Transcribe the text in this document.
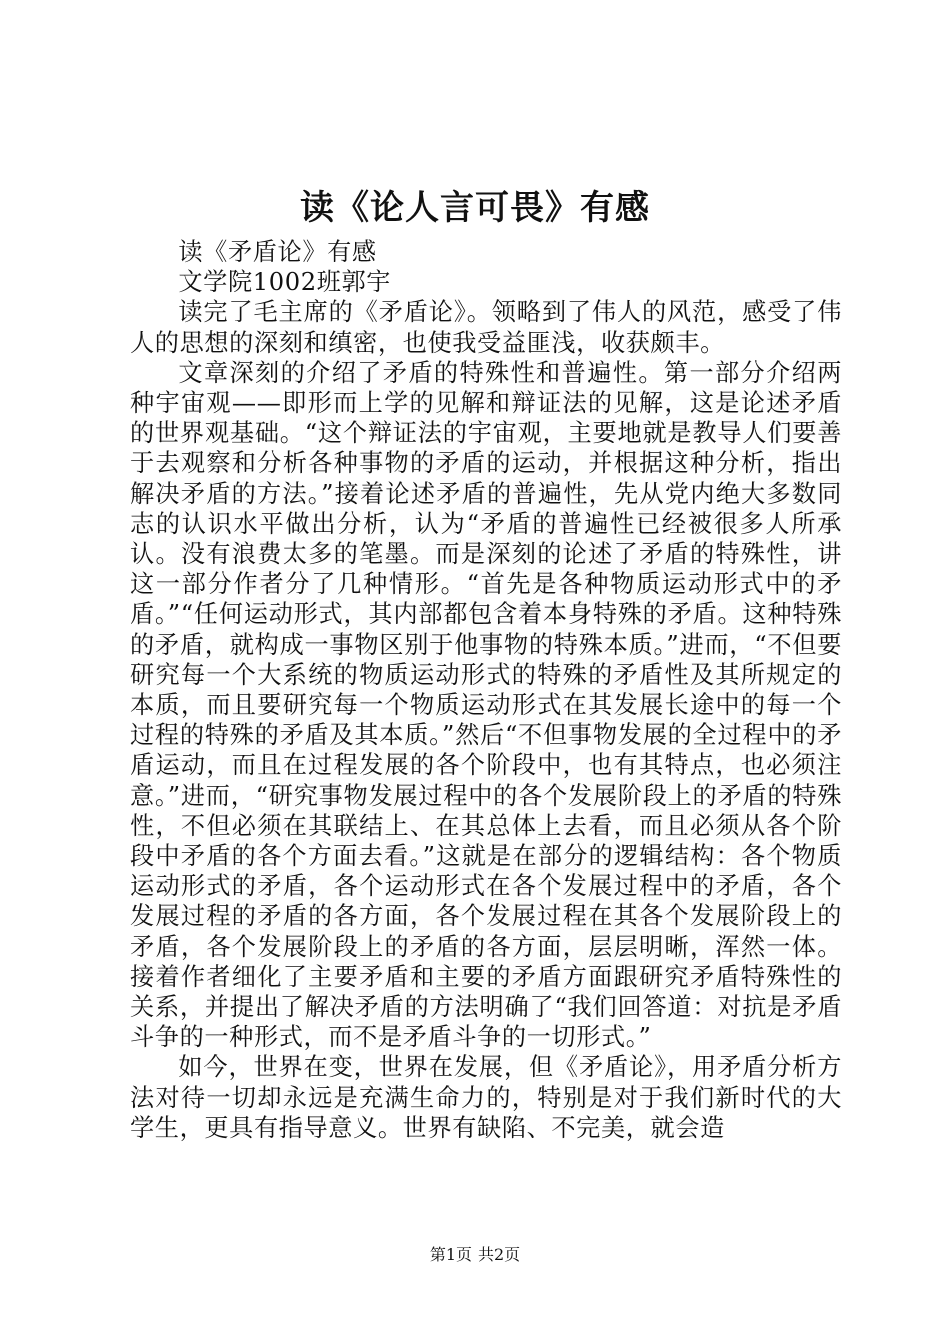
读《论人言可畏》有感

读《矛盾论》有感

文学院1002班郭宇

读完了毛主席的《矛盾论》。领略到了伟人的风范，感受了伟人的思想的深刻和缜密，也使我受益匪浅，收获颇丰。

文章深刻的介绍了矛盾的特殊性和普遍性。第一部分介绍两种宇宙观——即形而上学的见解和辩证法的见解，这是论述矛盾的世界观基础。“这个辩证法的宇宙观，主要地就是教导人们要善于去观察和分析各种事物的矛盾的运动，并根据这种分析，指出解决矛盾的方法。”接着论述矛盾的普遍性，先从党内绝大多数同志的认识水平做出分析，认为“矛盾的普遍性已经被很多人所承认。没有浪费太多的笔墨。而是深刻的论述了矛盾的特殊性，讲这一部分作者分了几种情形。“首先是各种物质运动形式中的矛盾。”“任何运动形式，其内部都包含着本身特殊的矛盾。这种特殊的矛盾，就构成一事物区别于他事物的特殊本质。”进而，“不但要研究每一个大系统的物质运动形式的特殊的矛盾性及其所规定的本质，而且要研究每一个物质运动形式在其发展长途中的每一个过程的特殊的矛盾及其本质。”然后“不但事物发展的全过程中的矛盾运动，而且在过程发展的各个阶段中，也有其特点，也必须注意。”进而，“研究事物发展过程中的各个发展阶段上的矛盾的特殊性，不但必须在其联结上、在其总体上去看，而且必须从各个阶段中矛盾的各个方面去看。”这就是在部分的逻辑结构：各个物质运动形式的矛盾，各个运动形式在各个发展过程中的矛盾，各个发展过程的矛盾的各方面，各个发展过程在其各个发展阶段上的矛盾，各个发展阶段上的矛盾的各方面，层层明晰，浑然一体。接着作者细化了主要矛盾和主要的矛盾方面跟研究矛盾特殊性的关系，并提出了解决矛盾的方法明确了“我们回答道：对抗是矛盾斗争的一种形式，而不是矛盾斗争的一切形式。”

如今，世界在变，世界在发展，但《矛盾论》，用矛盾分析方法对待一切却永远是充满生命力的，特别是对于我们新时代的大学生，更具有指导意义。世界有缺陷、不完美，就会造

第1页 共2页
